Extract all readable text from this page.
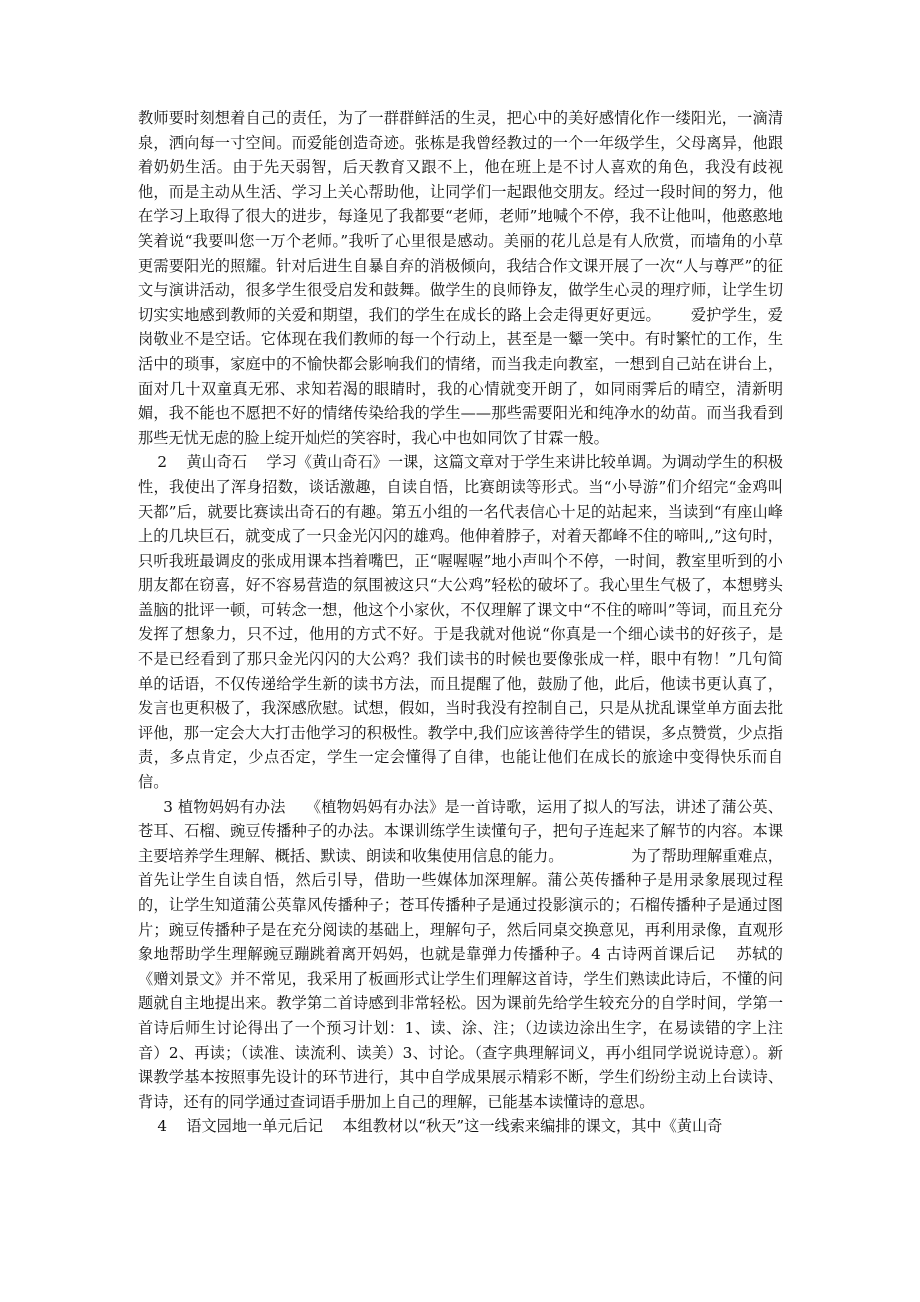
教师要时刻想着自己的责任，为了一群群鲜活的生灵，把心中的美好感情化作一缕阳光，一滴清泉，洒向每一寸空间。而爱能创造奇迹。张栋是我曾经教过的一个一年级学生，父母离异，他跟着奶奶生活。由于先天弱智，后天教育又跟不上，他在班上是不讨人喜欢的角色，我没有歧视他，而是主动从生活、学习上关心帮助他，让同学们一起跟他交朋友。经过一段时间的努力，他在学习上取得了很大的进步，每逢见了我都要“老师，老师”地喊个不停，我不让他叫，他憨憨地笑着说“我要叫您一万个老师。”我听了心里很是感动。美丽的花儿总是有人欣赏，而墙角的小草更需要阳光的照耀。针对后进生自暴自弃的消极倾向，我结合作文课开展了一次“人与尊严”的征文与演讲活动，很多学生很受启发和鼓舞。做学生的良师铮友，做学生心灵的理疗师，让学生切切实实地感到教师的关爱和期望，我们的学生在成长的路上会走得更好更远。      爱护学生，爱岗敬业不是空话。它体现在我们教师的每一个行动上，甚至是一颦一笑中。有时繁忙的工作，生活中的琐事，家庭中的不愉快都会影响我们的情绪，而当我走向教室，一想到自己站在讲台上，面对几十双童真无邪、求知若渴的眼睛时，我的心情就变开朗了，如同雨霁后的晴空，清新明媚，我不能也不愿把不好的情绪传染给我的学生——那些需要阳光和纯净水的幼苗。而当我看到那些无忧无虑的脸上绽开灿烂的笑容时，我心中也如同饮了甘霖一般。

2    黄山奇石    学习《黄山奇石》一课，这篇文章对于学生来讲比较单调。为调动学生的积极性，我使出了浑身招数，谈话激趣，自读自悟，比赛朗读等形式。当“小导游”们介绍完“金鸡叫天都”后，就要比赛读出奇石的有趣。第五小组的一名代表信心十足的站起来，当读到“有座山峰上的几块巨石，就变成了一只金光闪闪的雄鸡。他伸着脖子，对着天都峰不住的啼叫,,”这句时，只听我班最调皮的张成用课本挡着嘴巴，正“喔喔喔”地小声叫个不停，一时间，教室里听到的小朋友都在窃喜，好不容易营造的氛围被这只“大公鸡”轻松的破坏了。我心里生气极了，本想劈头盖脑的批评一顿，可转念一想，他这个小家伙，不仅理解了课文中“不住的啼叫”等词，而且充分发挥了想象力，只不过，他用的方式不好。于是我就对他说“你真是一个细心读书的好孩子，是不是已经看到了那只金光闪闪的大公鸡？我们读书的时候也要像张成一样，眼中有物！”几句简单的话语，不仅传递给学生新的读书方法，而且提醒了他，鼓励了他，此后，他读书更认真了，发言也更积极了，我深感欣慰。试想，假如，当时我没有控制自己，只是从扰乱课堂单方面去批评他，那一定会大大打击他学习的积极性。教学中,我们应该善待学生的错误，多点赞赏，少点指责，多点肯定，少点否定，学生一定会懂得了自律，也能让他们在成长的旅途中变得快乐而自信。

3 植物妈妈有办法    《植物妈妈有办法》是一首诗歌，运用了拟人的写法，讲述了蒲公英、苍耳、石榴、豌豆传播种子的办法。本课训练学生读懂句子，把句子连起来了解节的内容。本课主要培养学生理解、概括、默读、朗读和收集使用信息的能力。              为了帮助理解重难点，首先让学生自读自悟，然后引导，借助一些媒体加深理解。蒲公英传播种子是用录象展现过程的，让学生知道蒲公英靠风传播种子；苍耳传播种子是通过投影演示的；石榴传播种子是通过图片；豌豆传播种子是在充分阅读的基础上，理解句子，然后同桌交换意见，再利用录像，直观形象地帮助学生理解豌豆蹦跳着离开妈妈，也就是靠弹力传播种子。4 古诗两首课后记    苏轼的《赠刘景文》并不常见，我采用了板画形式让学生们理解这首诗，学生们熟读此诗后，不懂的问题就自主地提出来。教学第二首诗感到非常轻松。因为课前先给学生较充分的自学时间，学第一首诗后师生讨论得出了一个预习计划：1、读、涂、注；（边读边涂出生字，在易读错的字上注音）2、再读；（读准、读流利、读美）3、讨论。（查字典理解词义，再小组同学说说诗意）。新课教学基本按照事先设计的环节进行，其中自学成果展示精彩不断，学生们纷纷主动上台读诗、背诗，还有的同学通过查词语手册加上自己的理解，已能基本读懂诗的意思。

4    语文园地一单元后记    本组教材以“秋天”这一线索来编排的课文，其中《黄山奇
